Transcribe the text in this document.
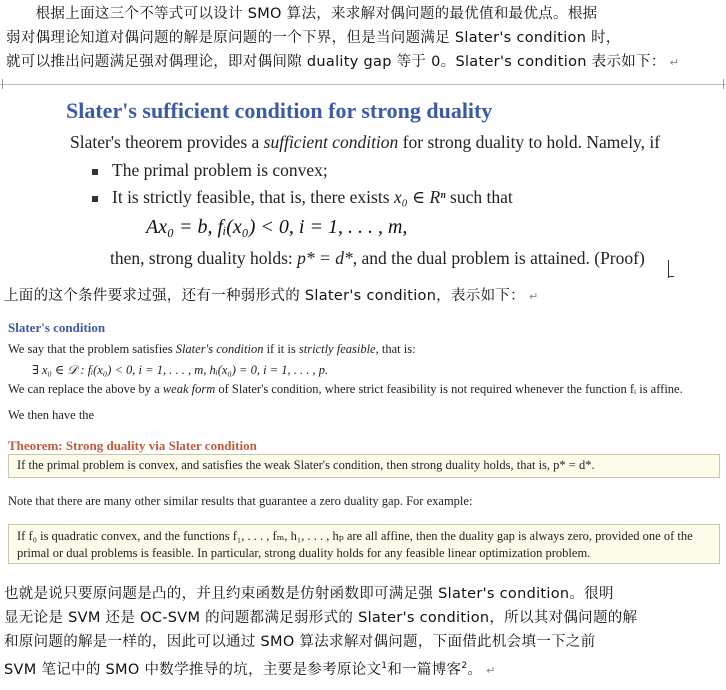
  根据上面这三个不等式可以设计 SMO 算法，来求解对偶问题的最优值和最优点。根据
弱对偶理论知道对偶问题的解是原问题的一个下界，但是当问题满足 Slater's condition 时，
就可以推出问题满足强对偶理论，即对偶间隙 duality gap 等于 0。Slater's condition 表示如下： ↵
Slater's sufficient condition for strong duality
Slater's theorem provides a sufficient condition for strong duality to hold. Namely, if
The primal problem is convex;
It is strictly feasible, that is, there exists x₀ ∈ Rⁿ such that
Ax₀ = b, fᵢ(x₀) < 0, i = 1, . . . , m,
then, strong duality holds: p* = d*, and the dual problem is attained. (Proof)
上面的这个条件要求过强，还有一种弱形式的 Slater's condition，表示如下： ↵
Slater's condition
We say that the problem satisfies Slater's condition if it is strictly feasible, that is:
∃ x₀ ∈ 𝒟 : fᵢ(x₀) < 0, i = 1, . . . , m, hᵢ(x₀) = 0, i = 1, . . . , p.
We can replace the above by a weak form of Slater's condition, where strict feasibility is not required whenever the function fᵢ is affine.
We then have the
Theorem: Strong duality via Slater condition
If the primal problem is convex, and satisfies the weak Slater's condition, then strong duality holds, that is, p* = d*.
Note that there are many other similar results that guarantee a zero duality gap. For example:
If f₀ is quadratic convex, and the functions f₁, . . . , fₘ, h₁, . . . , hₚ are all affine, then the duality gap is always zero, provided one of the
primal or dual problems is feasible. In particular, strong duality holds for any feasible linear optimization problem.
也就是说只要原问题是凸的，并且约束函数是仿射函数即可满足强 Slater's condition。很明
显无论是 SVM 还是 OC-SVM 的问题都满足弱形式的 Slater's condition，所以其对偶问题的解
和原问题的解是一样的，因此可以通过 SMO 算法求解对偶问题，下面借此机会填一下之前
SVM 笔记中的 SMO 中数学推导的坑，主要是参考原论文$^1$和一篇博客$^2$。 ↵
